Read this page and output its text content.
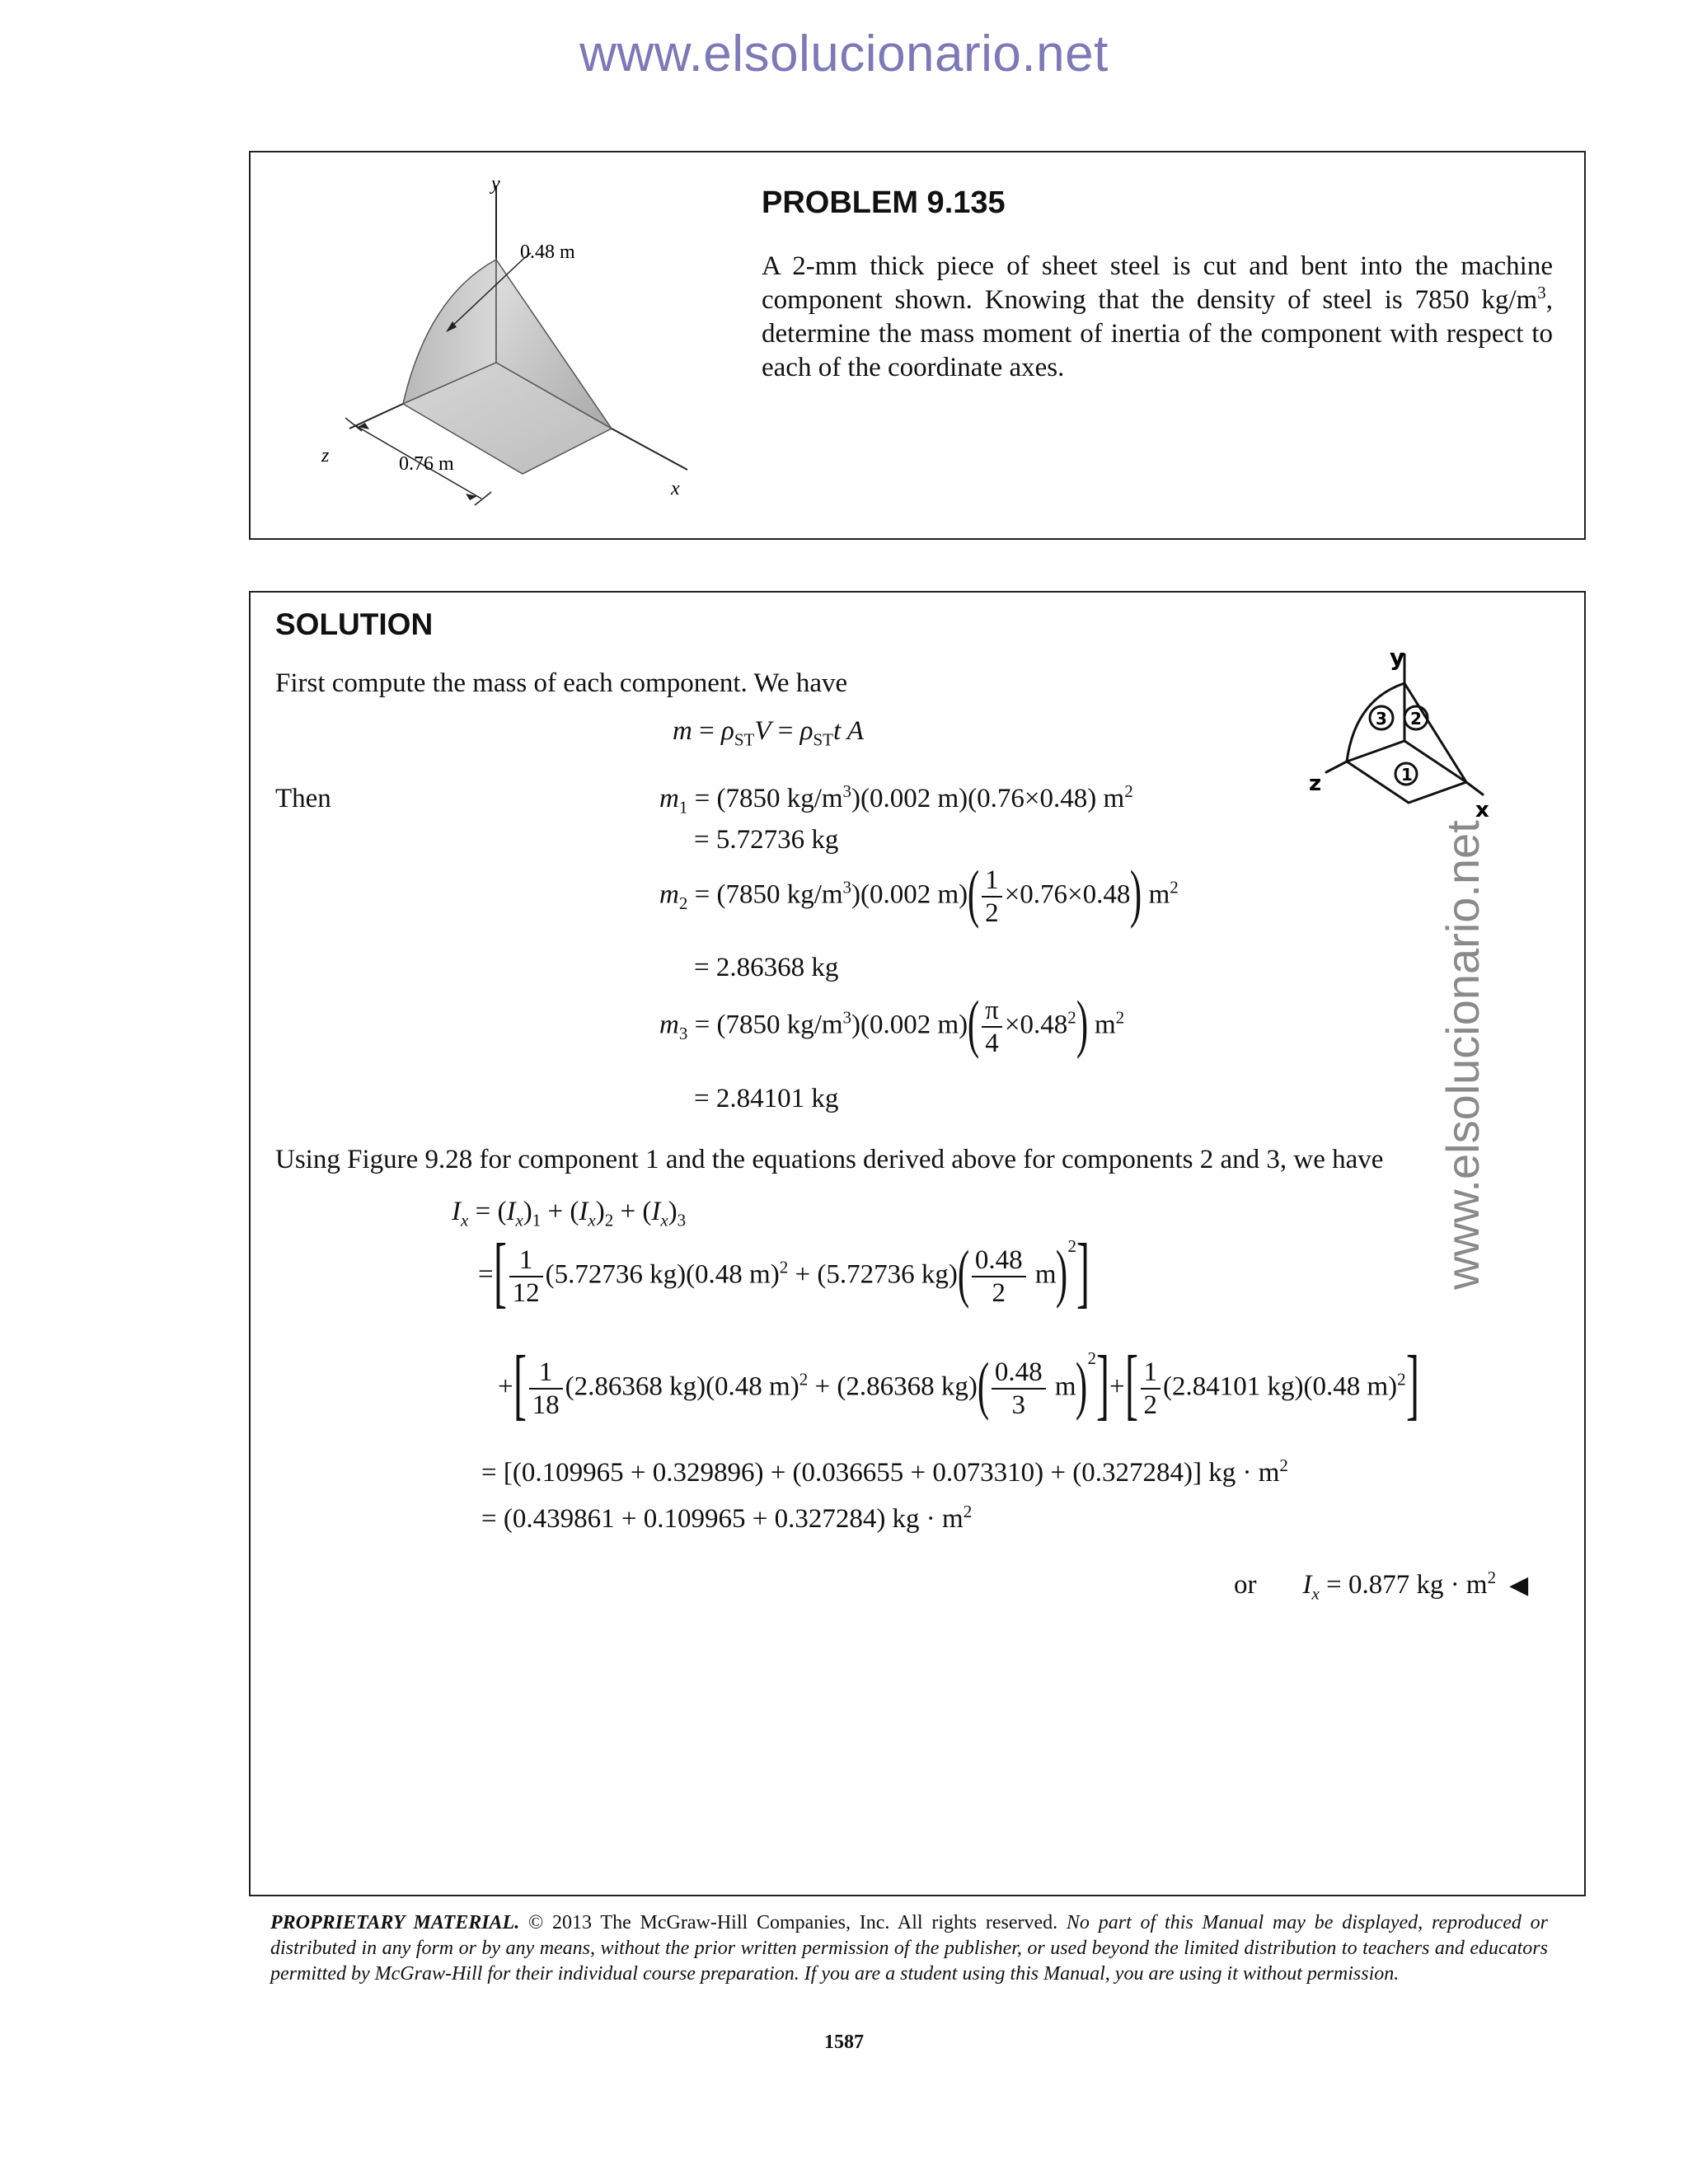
www.elsolucionario.net
www.elsolucionario.net
y
0.48 m
z	0.76 m
x
PROBLEM 9.135
A 2-mm thick piece of sheet steel is cut and bent into the machine component shown. Knowing that the density of steel is 7850 $kg/m^3$, determine the mass moment of inertia of the component with respect to each of the coordinate axes.
SOLUTION
First compute the mass of each component. We have
$m = \rho_{ST}V = \rho_{ST}t$ A
y
z
x
3 2
1
Then	$m_1 = (7850$ $kg/m^3)(0.002$ m)(0.76×0.48) $m^2$
= 5.72736 kg
$m_2 = (7850$ $kg/m^3)(0.002$ $m)( \frac{1}{2} \times 0.76\times 0.48)$ $m^2$
= 2.86368 kg
$m_3 = (7850$ $kg/m^3)(0.002$ $m)( \frac{\pi}{4} \times 0.48^2)$ $m^2$
= 2.84101 kg
Using Figure 9.28 for component 1 and the equations derived above for components 2 and 3, we have
$I_x = (I_x)_1 + (I_x)_2 + (I_x)_3$
=[ $\frac{1}{12} (5.72736$ kg)(0.48 m)$^2$ + (5.72736 $kg)( \frac{0.48}{2} m)^2$]
+[ $\frac{1}{18} (2.86368$ kg)(0.48 m)$^2$ + (2.86368 $kg)( \frac{0.48}{3} m)^2]+[ \frac{1}{2} (2.84101$ kg)(0.48 m)$^2$]
= [(0.109965 + 0.329896) + (0.036655 + 0.073310) + (0.327284)] kg · $m^2$
= (0.439861 + 0.109965 + 0.327284) kg · $m^2$
or $I_x = 0.877$ kg · $m^2$ ◀
PROPRIETARY MATERIAL. © 2013 The McGraw-Hill Companies, Inc. All rights reserved. No part of this Manual may be displayed, reproduced or distributed in any form or by any means, without the prior written permission of the publisher, or used beyond the limited distribution to teachers and educators permitted by McGraw-Hill for their individual course preparation. If you are a student using this Manual, you are using it without permission.
1587
